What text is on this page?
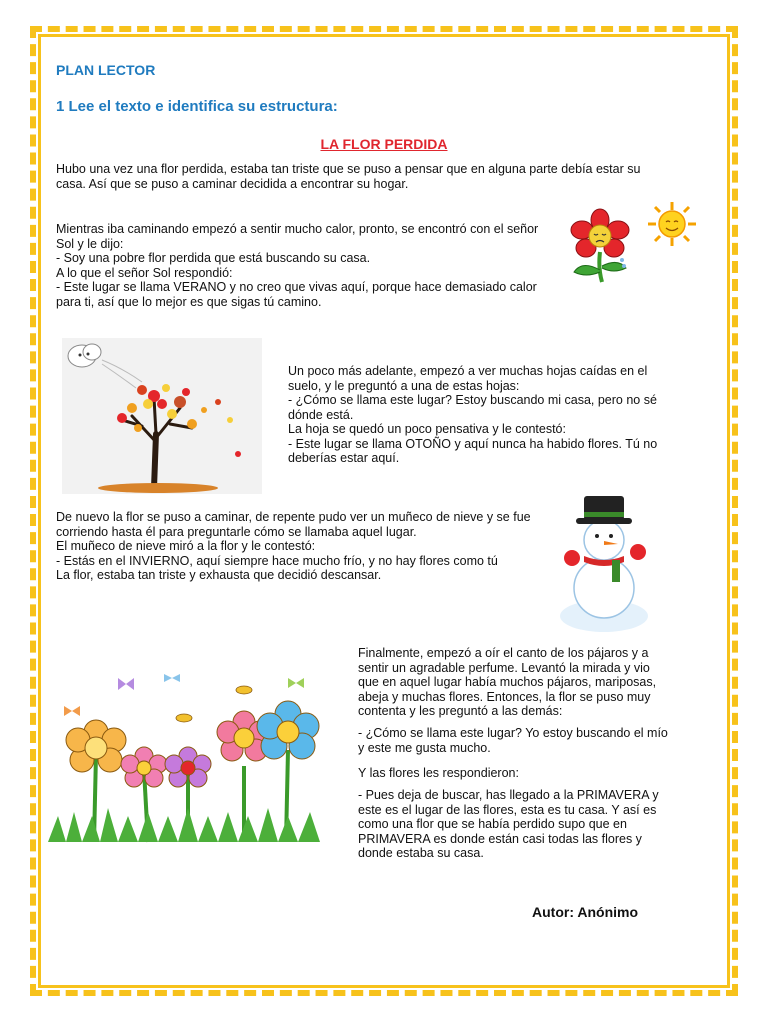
PLAN LECTOR
1 Lee el texto e identifica su estructura:
LA FLOR PERDIDA
Hubo una vez una flor perdida, estaba tan triste que se puso a pensar que en alguna parte debía estar su casa. Así que se puso a caminar decidida a encontrar su hogar.
Mientras iba caminando empezó a sentir mucho calor, pronto, se encontró con el señor Sol y le dijo:
- Soy una pobre flor perdida que está buscando su casa.
A lo que el señor Sol respondió:
- Este lugar se llama VERANO y no creo que vivas aquí, porque hace demasiado calor para ti, así que lo mejor es que sigas tú camino.
Un poco más adelante, empezó a ver muchas hojas caídas en el suelo, y le preguntó a una de estas hojas:
- ¿Cómo se llama este lugar? Estoy buscando mi casa, pero no sé dónde está.
La hoja se quedó un poco pensativa y le contestó:
- Este lugar se llama OTOÑO y aquí nunca ha habido flores. Tú no deberías estar aquí.
De nuevo la flor se puso a caminar, de repente pudo ver un muñeco de nieve y se fue corriendo hasta él para preguntarle cómo se llamaba aquel lugar.
El muñeco de nieve miró a la flor y le contestó:
- Estás en el INVIERNO, aquí siempre hace mucho frío, y no hay flores como tú
La flor, estaba tan triste y exhausta que decidió descansar.
Finalmente, empezó a oír el canto de los pájaros y a sentir un agradable perfume. Levantó la mirada y vio que en aquel lugar había muchos pájaros, mariposas, abeja y muchas flores. Entonces, la flor se puso muy contenta y les preguntó a las demás:
- ¿Cómo se llama este lugar? Yo estoy buscando el mío y este me gusta mucho.
Y las flores les respondieron:
- Pues deja de buscar, has llegado a la PRIMAVERA y este es el lugar de las flores, esta es tu casa. Y así es como una flor que se había perdido supo que en PRIMAVERA es donde están casi todas las flores y donde estaba su casa.
Autor: Anónimo
